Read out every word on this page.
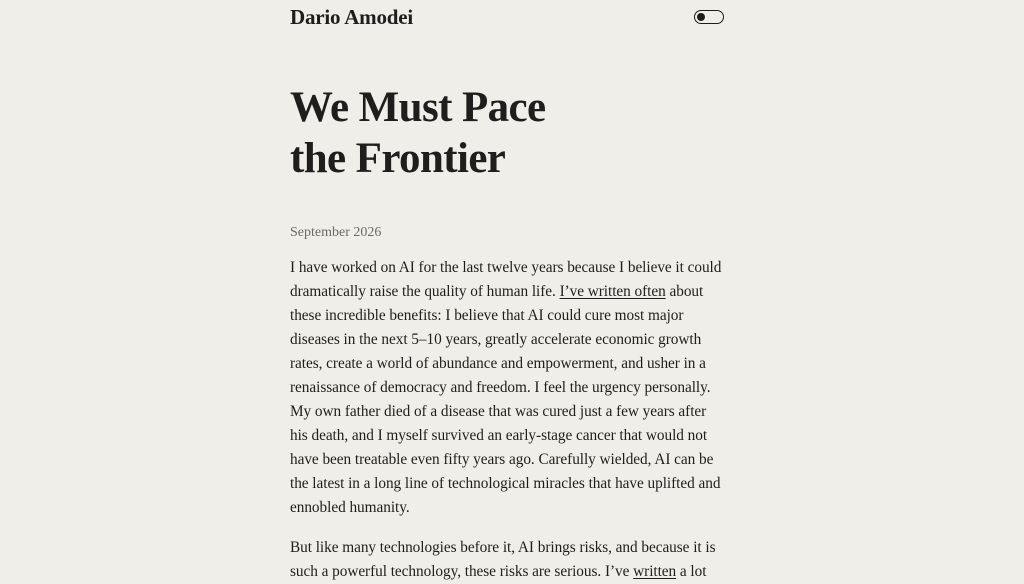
Dario Amodei
We Must Pace
the Frontier
September 2026

I have worked on AI for the last twelve years because I believe it could dramatically raise the quality of human life. I’ve written often about these incredible benefits: I believe that AI could cure most major diseases in the next 5–10 years, greatly accelerate economic growth rates, create a world of abundance and empowerment, and usher in a renaissance of democracy and freedom. I feel the urgency personally. My own father died of a disease that was cured just a few years after his death, and I myself survived an early-stage cancer that would not have been treatable even fifty years ago. Carefully wielded, AI can be the latest in a long line of technological miracles that have uplifted and ennobled humanity.

But like many technologies before it, AI brings risks, and because it is such a powerful technology, these risks are serious. I’ve written a lot
